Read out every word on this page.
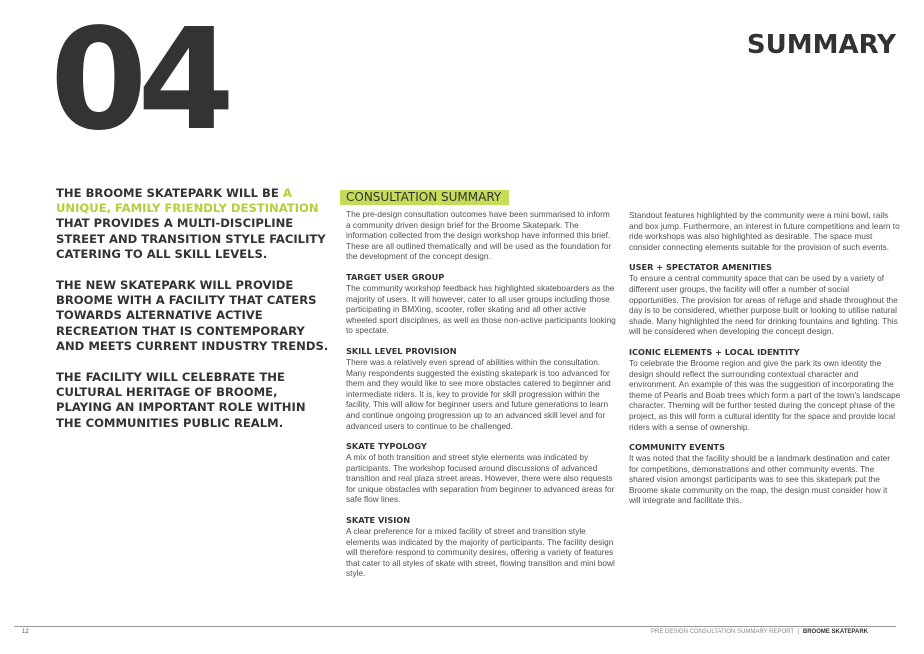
04	SUMMARY

THE BROOME SKATEPARK WILL BE A UNIQUE, FAMILY FRIENDLY DESTINATION THAT PROVIDES A MULTI-DISCIPLINE STREET AND TRANSITION STYLE FACILITY CATERING TO ALL SKILL LEVELS.

THE NEW SKATEPARK WILL PROVIDE BROOME WITH A FACILITY THAT CATERS TOWARDS ALTERNATIVE ACTIVE RECREATION THAT IS CONTEMPORARY AND MEETS CURRENT INDUSTRY TRENDS.

THE FACILITY WILL CELEBRATE THE CULTURAL HERITAGE OF BROOME, PLAYING AN IMPORTANT ROLE WITHIN THE COMMUNITIES PUBLIC REALM.

CONSULTATION SUMMARY

The pre-design consultation outcomes have been summarised to inform a community driven design brief for the Broome Skatepark. The information collected from the design workshop have informed this brief. These are all outlined thematically and will be used as the foundation for the development of the concept design.

TARGET USER GROUP

The community workshop feedback has highlighted skateboarders as the majority of users. It will however, cater to all user groups including those participating in BMXing, scooter, roller skating and all other active wheeled sport disciplines, as well as those non-active participants looking to spectate.

SKILL LEVEL PROVISION

There was a relatively even spread of abilities within the consultation. Many respondents suggested the existing skatepark is too advanced for them and they would like to see more obstacles catered to beginner and intermediate riders. It is, key to provide for skill progression within the facility. This will allow for beginner users and future generations to learn and continue ongoing progression up to an advanced skill level and for advanced users to continue to be challenged.

SKATE TYPOLOGY

A mix of both transition and street style elements was indicated by participants. The workshop focused around discussions of advanced transition and real plaza street areas. However, there were also requests for unique obstacles with separation from beginner to advanced areas for safe flow lines.

SKATE VISION

A clear preference for a mixed facility of street and transition style elements was indicated by the majority of participants. The facility design will therefore respond to community desires, offering a variety of features that cater to all styles of skate with street, flowing transition and mini bowl style.

Standout features highlighted by the community were a mini bowl, rails and box jump. Furthermore, an interest in future competitions and learn to ride workshops was also highlighted as desirable. The space must consider connecting elements suitable for the provision of such events.

USER + SPECTATOR AMENITIES

To ensure a central community space that can be used by a variety of different user groups, the facility will offer a number of social opportunities. The provision for areas of refuge and shade throughout the day is to be considered, whether purpose built or looking to utilise natural shade. Many highlighted the need for drinking fountains and lighting. This will be considered when developing the concept design.

ICONIC ELEMENTS + LOCAL IDENTITY

To celebrate the Broome region and give the park its own identity the design should reflect the surrounding contextual character and environment. An example of this was the suggestion of incorporating the theme of Pearls and Boab trees which form a part of the town's landscape character. Theming will be further tested during the concept phase of the project, as this will form a cultural identity for the space and provide local riders with a sense of ownership.

COMMUNITY EVENTS

It was noted that the facility should be a landmark destination and cater for competitions, demonstrations and other community events. The shared vision amongst participants was to see this skatepark put the Broome skate community on the map, the design must consider how it will integrate and facilitate this.

12	PRE DESIGN CONSULTATION SUMMARY REPORT | BROOME SKATEPARK
